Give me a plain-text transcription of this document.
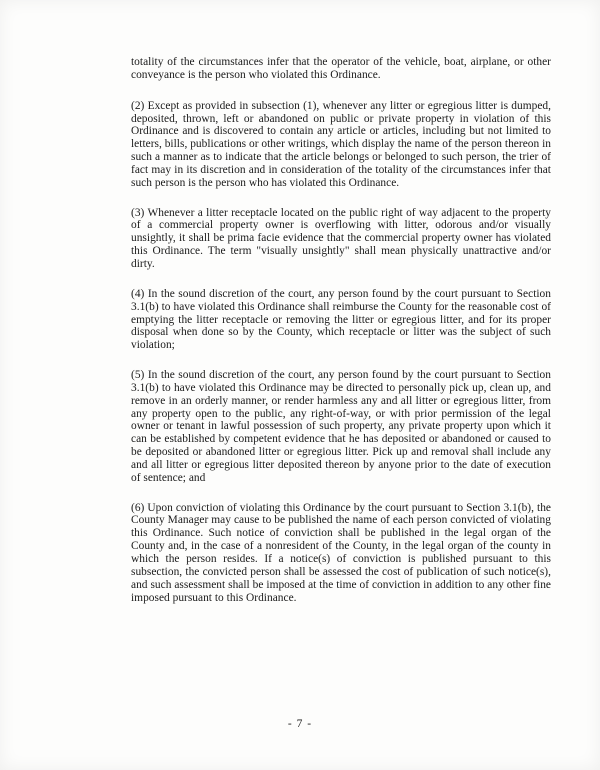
totality of the circumstances infer that the operator of the vehicle, boat, airplane, or other conveyance is the person who violated this Ordinance.

(2) Except as provided in subsection (1), whenever any litter or egregious litter is dumped, deposited, thrown, left or abandoned on public or private property in violation of this Ordinance and is discovered to contain any article or articles, including but not limited to letters, bills, publications or other writings, which display the name of the person thereon in such a manner as to indicate that the article belongs or belonged to such person, the trier of fact may in its discretion and in consideration of the totality of the circumstances infer that such person is the person who has violated this Ordinance.

(3) Whenever a litter receptacle located on the public right of way adjacent to the property of a commercial property owner is overflowing with litter, odorous and/or visually unsightly, it shall be prima facie evidence that the commercial property owner has violated this Ordinance. The term "visually unsightly" shall mean physically unattractive and/or dirty.

(4) In the sound discretion of the court, any person found by the court pursuant to Section 3.1(b) to have violated this Ordinance shall reimburse the County for the reasonable cost of emptying the litter receptacle or removing the litter or egregious litter, and for its proper disposal when done so by the County, which receptacle or litter was the subject of such violation;

(5) In the sound discretion of the court, any person found by the court pursuant to Section 3.1(b) to have violated this Ordinance may be directed to personally pick up, clean up, and remove in an orderly manner, or render harmless any and all litter or egregious litter, from any property open to the public, any right-of-way, or with prior permission of the legal owner or tenant in lawful possession of such property, any private property upon which it can be established by competent evidence that he has deposited or abandoned or caused to be deposited or abandoned litter or egregious litter. Pick up and removal shall include any and all litter or egregious litter deposited thereon by anyone prior to the date of execution of sentence; and

(6) Upon conviction of violating this Ordinance by the court pursuant to Section 3.1(b), the County Manager may cause to be published the name of each person convicted of violating this Ordinance. Such notice of conviction shall be published in the legal organ of the County and, in the case of a nonresident of the County, in the legal organ of the county in which the person resides. If a notice(s) of conviction is published pursuant to this subsection, the convicted person shall be assessed the cost of publication of such notice(s), and such assessment shall be imposed at the time of conviction in addition to any other fine imposed pursuant to this Ordinance.

- 7 -
